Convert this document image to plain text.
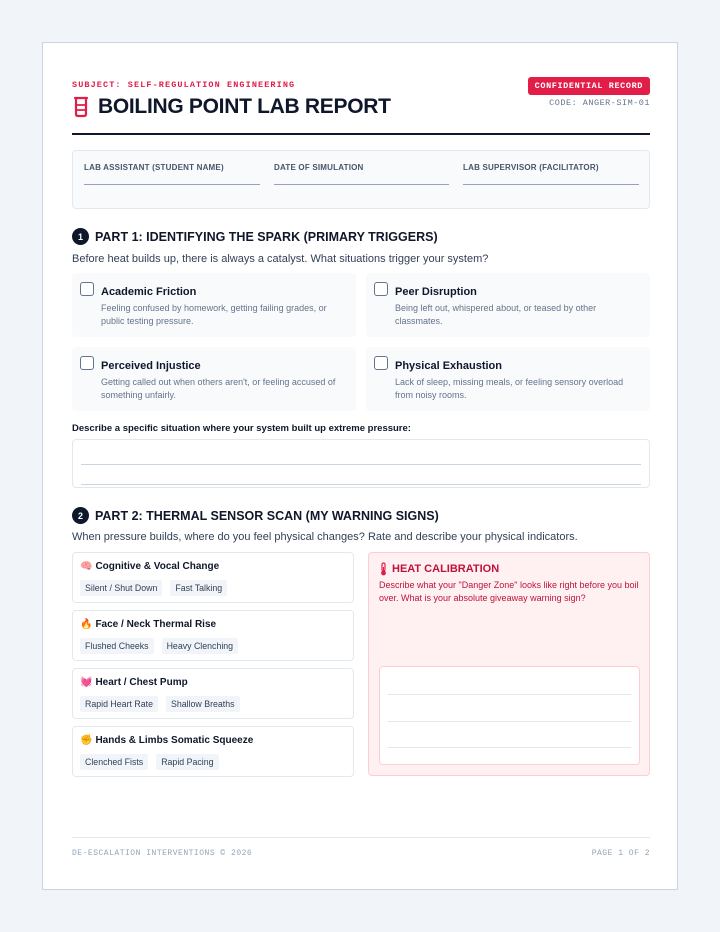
SUBJECT: SELF-REGULATION ENGINEERING
BOILING POINT LAB REPORT
CONFIDENTIAL RECORD
CODE: ANGER-SIM-01
LAB ASSISTANT (STUDENT NAME)	DATE OF SIMULATION	LAB SUPERVISOR (FACILITATOR)
1 PART 1: IDENTIFYING THE SPARK (PRIMARY TRIGGERS)
Before heat builds up, there is always a catalyst. What situations trigger your system?
Academic Friction
Feeling confused by homework, getting failing grades, or public testing pressure.
Peer Disruption
Being left out, whispered about, or teased by other classmates.
Perceived Injustice
Getting called out when others aren't, or feeling accused of something unfairly.
Physical Exhaustion
Lack of sleep, missing meals, or feeling sensory overload from noisy rooms.
Describe a specific situation where your system built up extreme pressure:
2 PART 2: THERMAL SENSOR SCAN (MY WARNING SIGNS)
When pressure builds, where do you feel physical changes? Rate and describe your physical indicators.
🧠 Cognitive & Vocal Change
Silent / Shut Down	Fast Talking
🔥 Face / Neck Thermal Rise
Flushed Cheeks	Heavy Clenching
💓 Heart / Chest Pump
Rapid Heart Rate	Shallow Breaths
✊ Hands & Limbs Somatic Squeeze
Clenched Fists	Rapid Pacing
HEAT CALIBRATION
Describe what your "Danger Zone" looks like right before you boil over. What is your absolute giveaway warning sign?
DE-ESCALATION INTERVENTIONS © 2026	PAGE 1 OF 2
